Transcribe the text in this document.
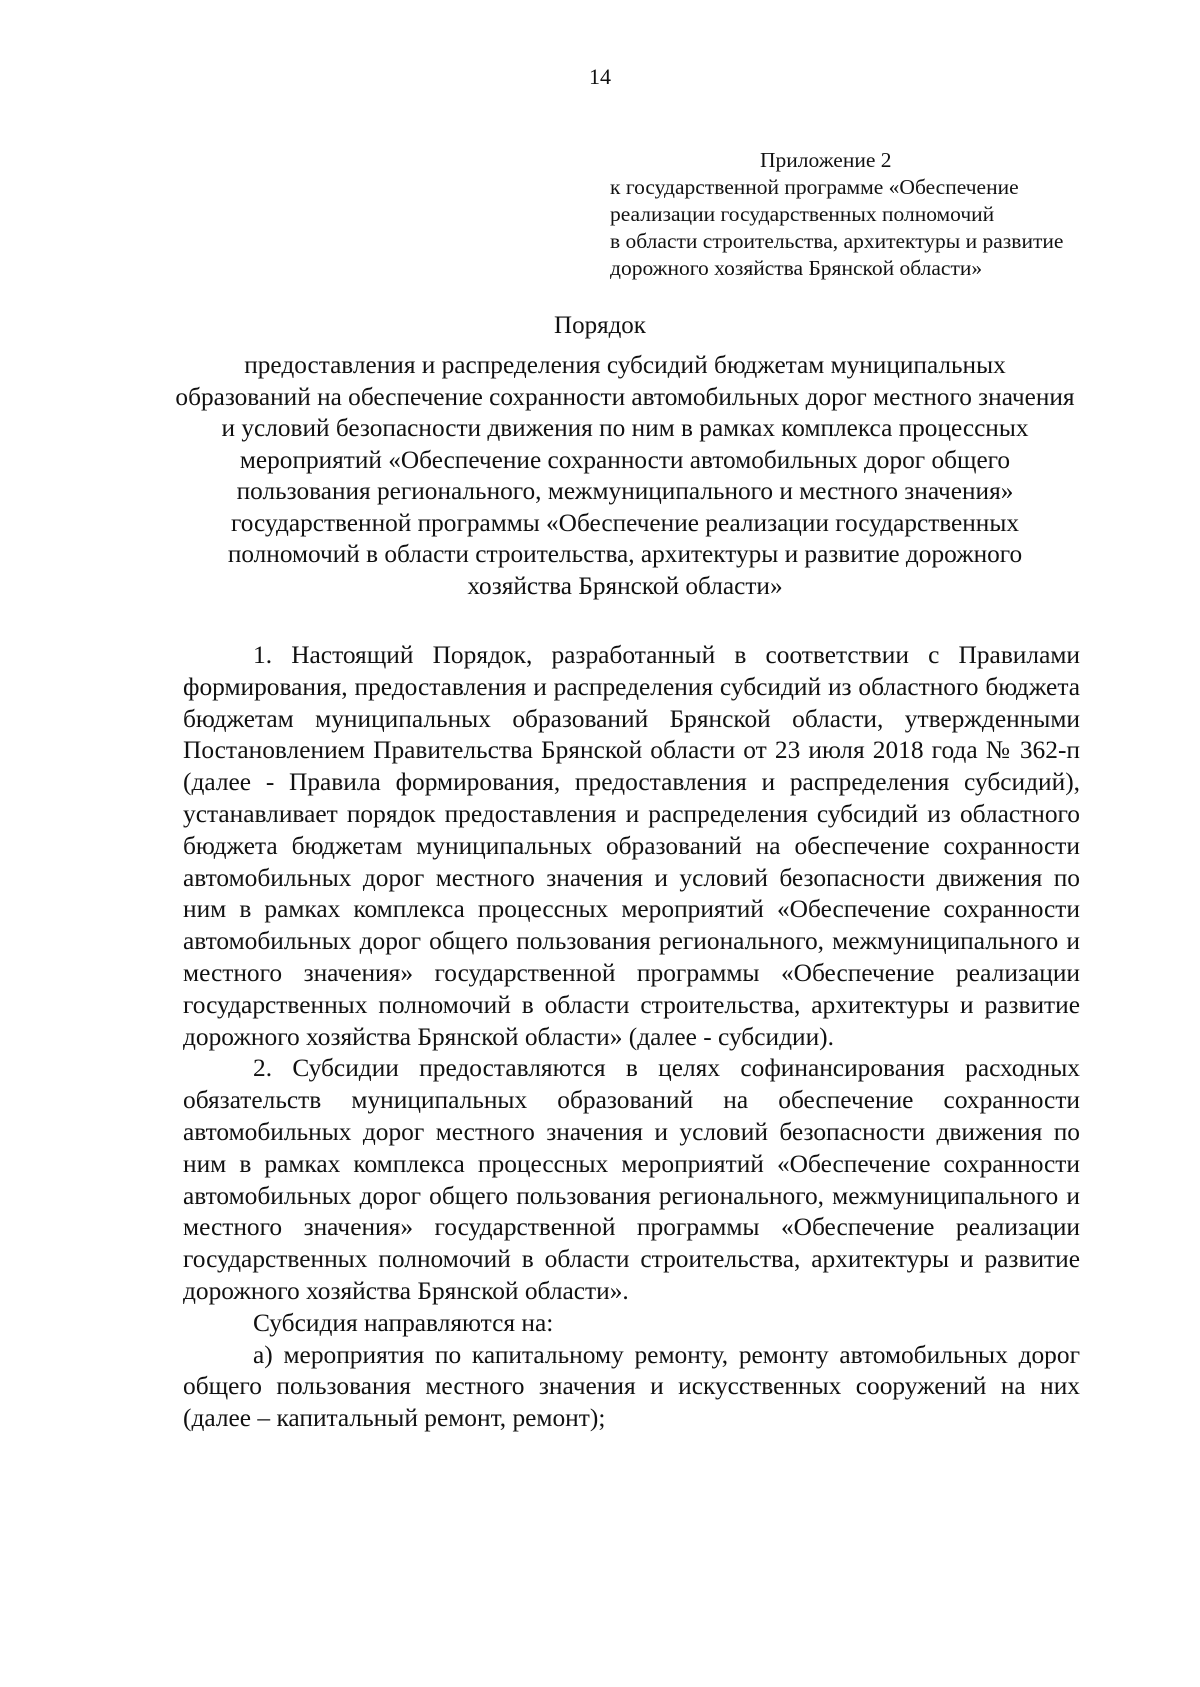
14
Приложение 2
к государственной программе «Обеспечение
реализации государственных полномочий
в области строительства, архитектуры и развитие
дорожного хозяйства Брянской области»
Порядок
предоставления и распределения субсидий бюджетам муниципальных образований на обеспечение сохранности автомобильных дорог местного значения и условий безопасности движения по ним в рамках комплекса процессных мероприятий «Обеспечение сохранности автомобильных дорог общего пользования регионального, межмуниципального и местного значения» государственной программы «Обеспечение реализации государственных полномочий в области строительства, архитектуры и развитие дорожного хозяйства Брянской области»

1. Настоящий Порядок, разработанный в соответствии с Правилами формирования, предоставления и распределения субсидий из областного бюджета бюджетам муниципальных образований Брянской области, утвержденными Постановлением Правительства Брянской области от 23 июля 2018 года № 362-п (далее - Правила формирования, предоставления и распределения субсидий), устанавливает порядок предоставления и распределения субсидий из областного бюджета бюджетам муниципальных образований на обеспечение сохранности автомобильных дорог местного значения и условий безопасности движения по ним в рамках комплекса процессных мероприятий «Обеспечение сохранности автомобильных дорог общего пользования регионального, межмуниципального и местного значения» государственной программы «Обеспечение реализации государственных полномочий в области строительства, архитектуры и развитие дорожного хозяйства Брянской области» (далее - субсидии).

2. Субсидии предоставляются в целях софинансирования расходных обязательств муниципальных образований на обеспечение сохранности автомобильных дорог местного значения и условий безопасности движения по ним в рамках комплекса процессных мероприятий «Обеспечение сохранности автомобильных дорог общего пользования регионального, межмуниципального и местного значения» государственной программы «Обеспечение реализации государственных полномочий в области строительства, архитектуры и развитие дорожного хозяйства Брянской области».

Субсидия направляются на:

а) мероприятия по капитальному ремонту, ремонту автомобильных дорог общего пользования местного значения и искусственных сооружений на них (далее – капитальный ремонт, ремонт);
